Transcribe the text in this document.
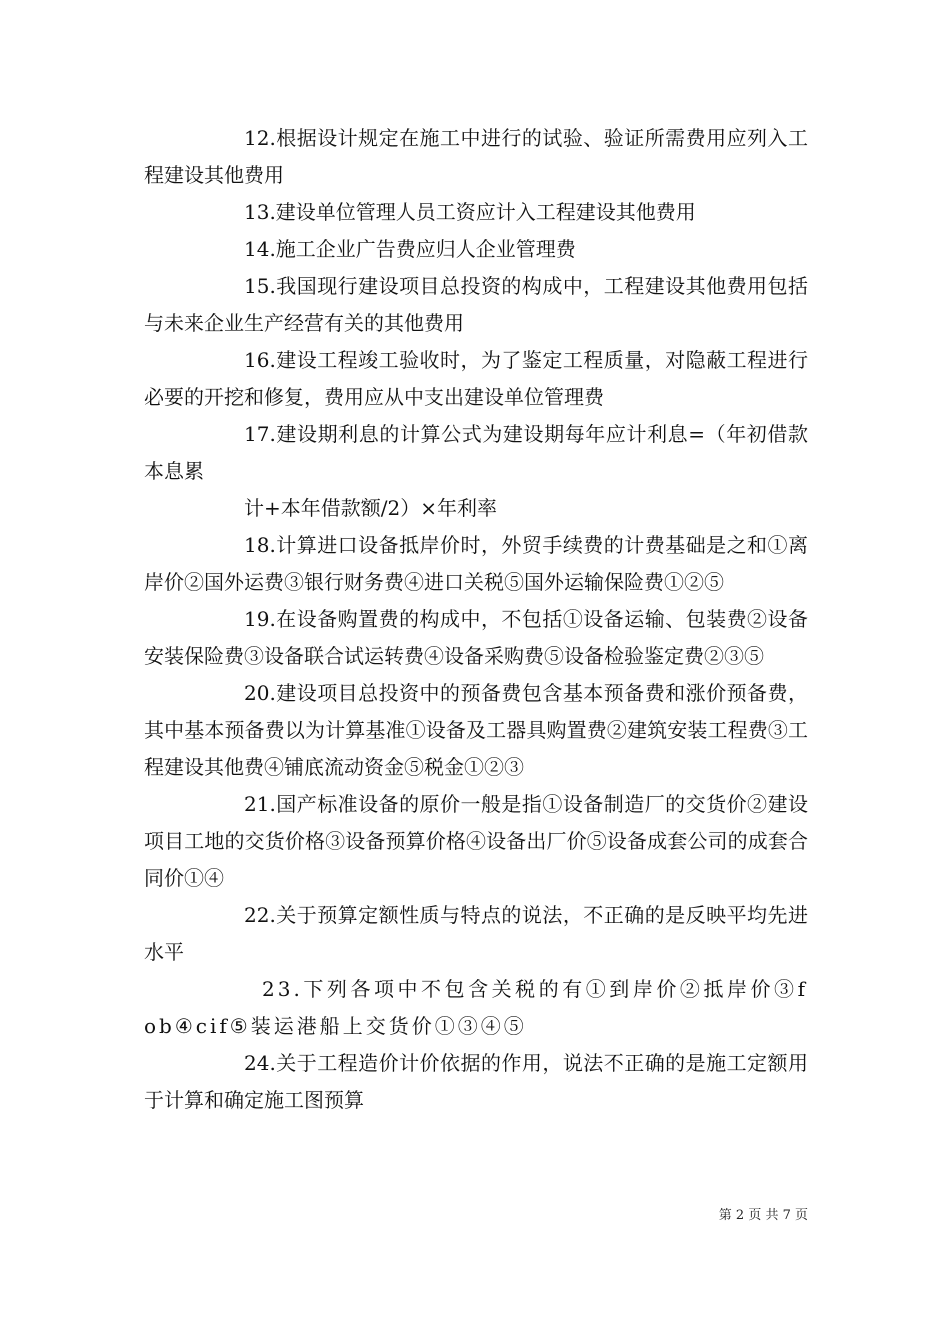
12.根据设计规定在施工中进行的试验、验证所需费用应列入工程建设其他费用

13.建设单位管理人员工资应计入工程建设其他费用

14.施工企业广告费应归人企业管理费

15.我国现行建设项目总投资的构成中，工程建设其他费用包括与未来企业生产经营有关的其他费用

16.建设工程竣工验收时，为了鉴定工程质量，对隐蔽工程进行必要的开挖和修复，费用应从中支出建设单位管理费

17.建设期利息的计算公式为建设期每年应计利息=（年初借款本息累

计+本年借款额/2）×年利率

18.计算进口设备抵岸价时，外贸手续费的计费基础是之和①离岸价②国外运费③银行财务费④进口关税⑤国外运输保险费①②⑤

19.在设备购置费的构成中，不包括①设备运输、包装费②设备安装保险费③设备联合试运转费④设备采购费⑤设备检验鉴定费②③⑤

20.建设项目总投资中的预备费包含基本预备费和涨价预备费，其中基本预备费以为计算基准①设备及工器具购置费②建筑安装工程费③工程建设其他费④铺底流动资金⑤税金①②③

21.国产标准设备的原价一般是指①设备制造厂的交货价②建设项目工地的交货价格③设备预算价格④设备出厂价⑤设备成套公司的成套合同价①④

22.关于预算定额性质与特点的说法，不正确的是反映平均先进水平

23.下列各项中不包含关税的有①到岸价②抵岸价③fob④cif⑤装运港船上交货价①③④⑤

24.关于工程造价计价依据的作用，说法不正确的是施工定额用于计算和确定施工图预算

第 2 页 共 7 页
